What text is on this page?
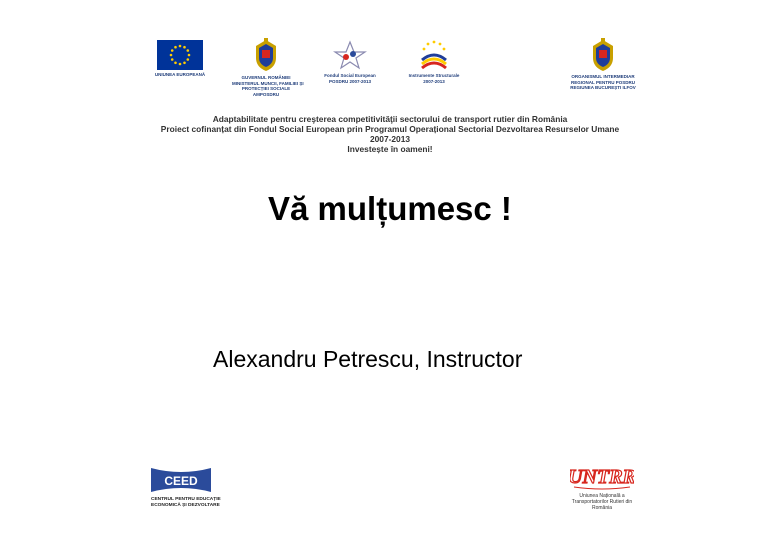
UNIUNEA EUROPEANĂ
GUVERNUL ROMÂNIEI
MINISTERUL MUNCII, FAMILIEI ȘI
PROTECȚIEI SOCIALE
AMPOSDRU
Fondul Social European
POSDRU 2007-2013
Instrumente Structurale
2007-2013
ORGANISMUL INTERMEDIAR
REGIONAL PENTRU POSDRU
REGIUNEA BUCUREȘTI ILFOV
Adaptabilitate pentru creşterea competitivităţii sectorului de transport rutier din România
Proiect cofinanțat din Fondul Social European prin Programul Operațional Sectorial Dezvoltarea Resurselor Umane
2007-2013
Investește în oameni!
Vă mulțumesc !
Alexandru Petrescu, Instructor
CEED
CENTRUL PENTRU EDUCAȚIE
ECONOMICĂ ȘI DEZVOLTARE
UNTRR
Uniunea Națională a
Transportatorilor Rutieri din
România
